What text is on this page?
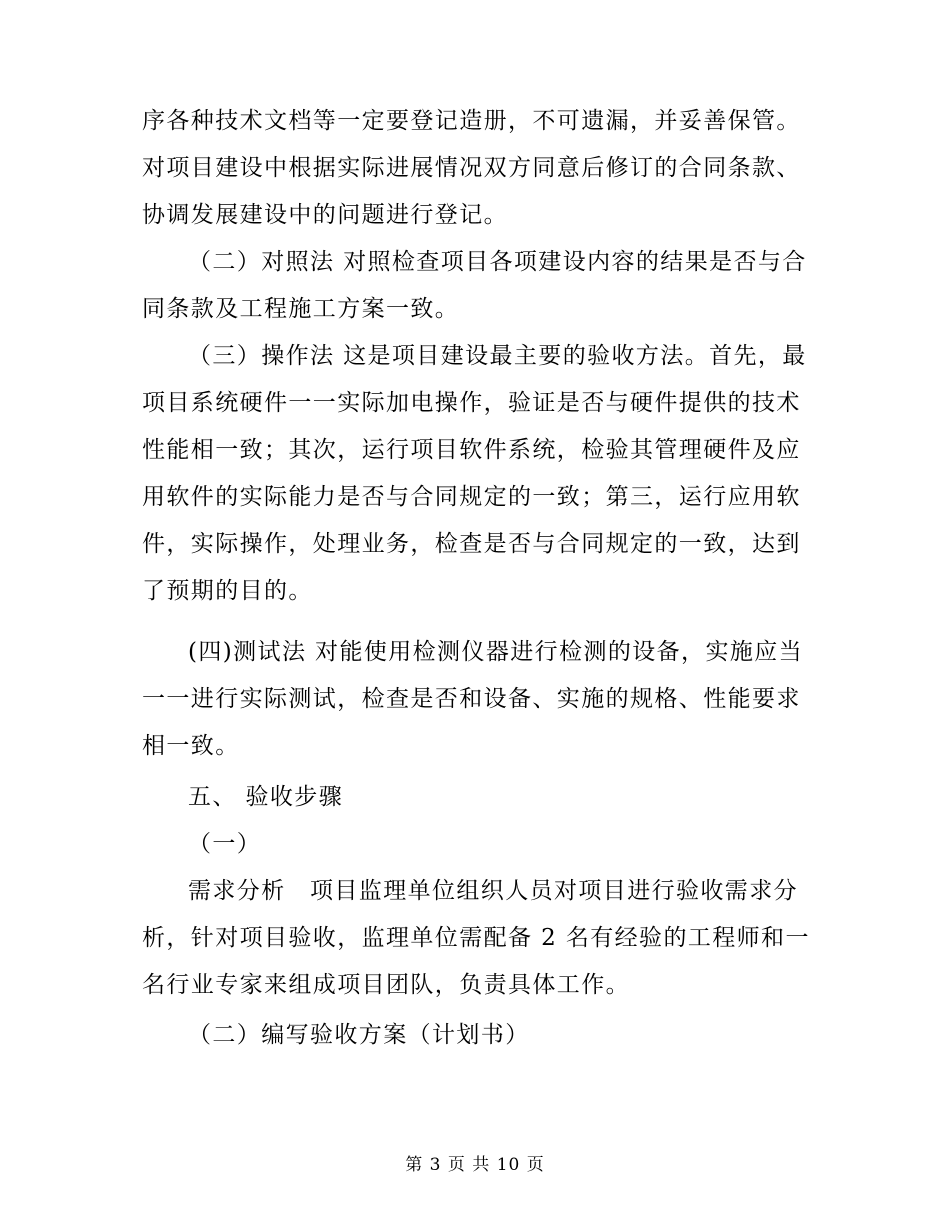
序各种技术文档等一定要登记造册，不可遗漏，并妥善保管。对项目建设中根据实际进展情况双方同意后修订的合同条款、协调发展建设中的问题进行登记。

（二）对照法 对照检查项目各项建设内容的结果是否与合同条款及工程施工方案一致。

（三）操作法 这是项目建设最主要的验收方法。首先，最项目系统硬件一一实际加电操作，验证是否与硬件提供的技术性能相一致；其次，运行项目软件系统，检验其管理硬件及应用软件的实际能力是否与合同规定的一致；第三，运行应用软件，实际操作，处理业务，检查是否与合同规定的一致，达到了预期的目的。

(四)测试法 对能使用检测仪器进行检测的设备，实施应当一一进行实际测试，检查是否和设备、实施的规格、性能要求相一致。

五、 验收步骤

（一）

需求分析　项目监理单位组织人员对项目进行验收需求分析，针对项目验收，监理单位需配备 2 名有经验的工程师和一名行业专家来组成项目团队，负责具体工作。

（二）编写验收方案（计划书）

第 3 页 共 10 页
